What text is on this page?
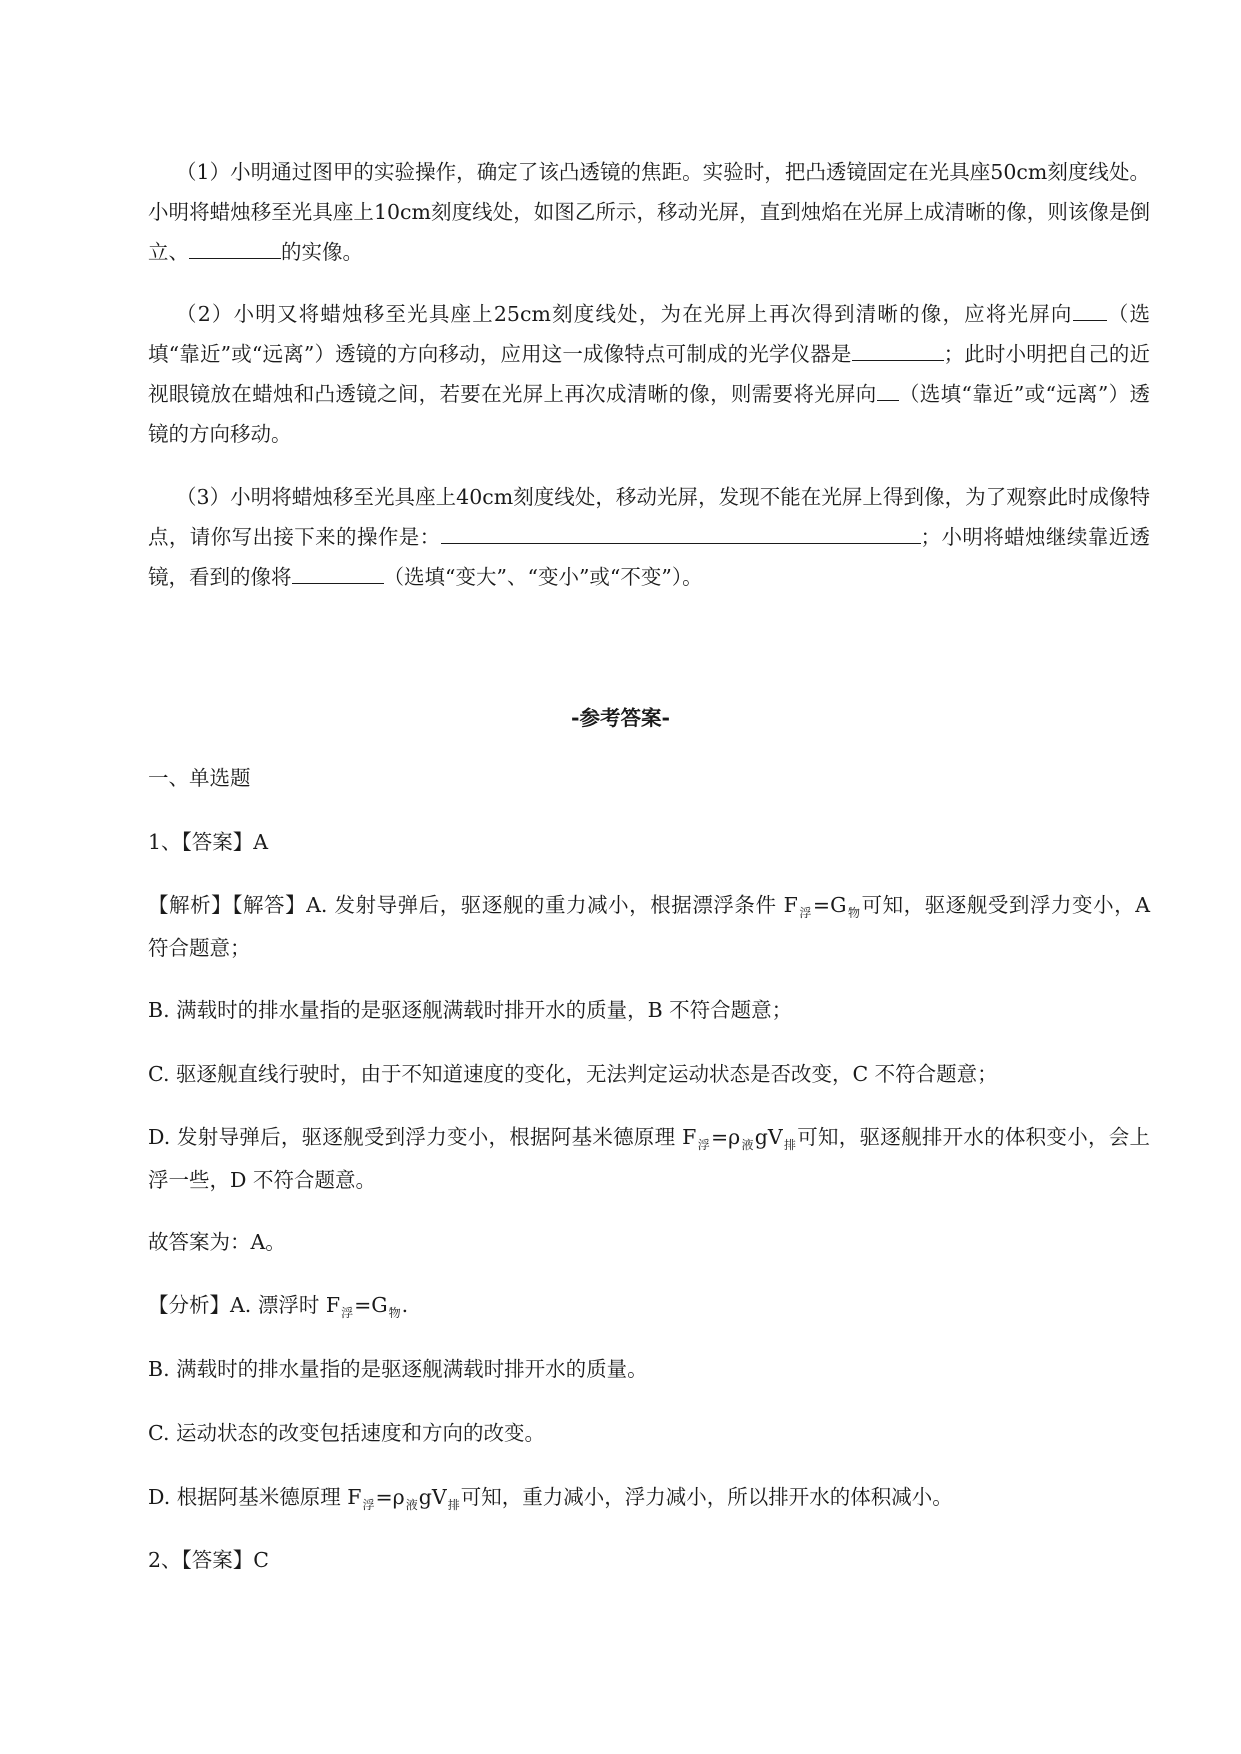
（1）小明通过图甲的实验操作，确定了该凸透镜的焦距。实验时，把凸透镜固定在光具座50cm刻度线处。小明将蜡烛移至光具座上10cm刻度线处，如图乙所示，移动光屏，直到烛焰在光屏上成清晰的像，则该像是倒立、	的实像。

（2）小明又将蜡烛移至光具座上25cm刻度线处，为在光屏上再次得到清晰的像，应将光屏向 （选填“靠近”或“远离”）透镜的方向移动，应用这一成像特点可制成的光学仪器是	；此时小明把自己的近视眼镜放在蜡烛和凸透镜之间，若要在光屏上再次成清晰的像，则需要将光屏向 （选填“靠近”或“远离”）透镜的方向移动。

（3）小明将蜡烛移至光具座上40cm刻度线处，移动光屏，发现不能在光屏上得到像，为了观察此时成像特点，请你写出接下来的操作是：	；小明将蜡烛继续靠近透镜，看到的像将	（选填“变大”、“变小”或“不变”）。

-参考答案-
一、单选题
1、【答案】A

【解析】【解答】A. 发射导弹后，驱逐舰的重力减小，根据漂浮条件 $F_浮=G_物$可知，驱逐舰受到浮力变小，A 符合题意；

B. 满载时的排水量指的是驱逐舰满载时排开水的质量，B 不符合题意；
C. 驱逐舰直线行驶时，由于不知道速度的变化，无法判定运动状态是否改变，C 不符合题意；

D. 发射导弹后，驱逐舰受到浮力变小，根据阿基米德原理 $F_浮=\rho_液gV_排$可知，驱逐舰排开水的体积变小，会上浮一些，D 不符合题意。

故答案为：A。

【分析】A. 漂浮时 $F_浮=G_物$.

B. 满载时的排水量指的是驱逐舰满载时排开水的质量。
C. 运动状态的改变包括速度和方向的改变。

D. 根据阿基米德原理 $F_浮=\rho_液gV_排$可知，重力减小，浮力减小，所以排开水的体积减小。

2、【答案】C
